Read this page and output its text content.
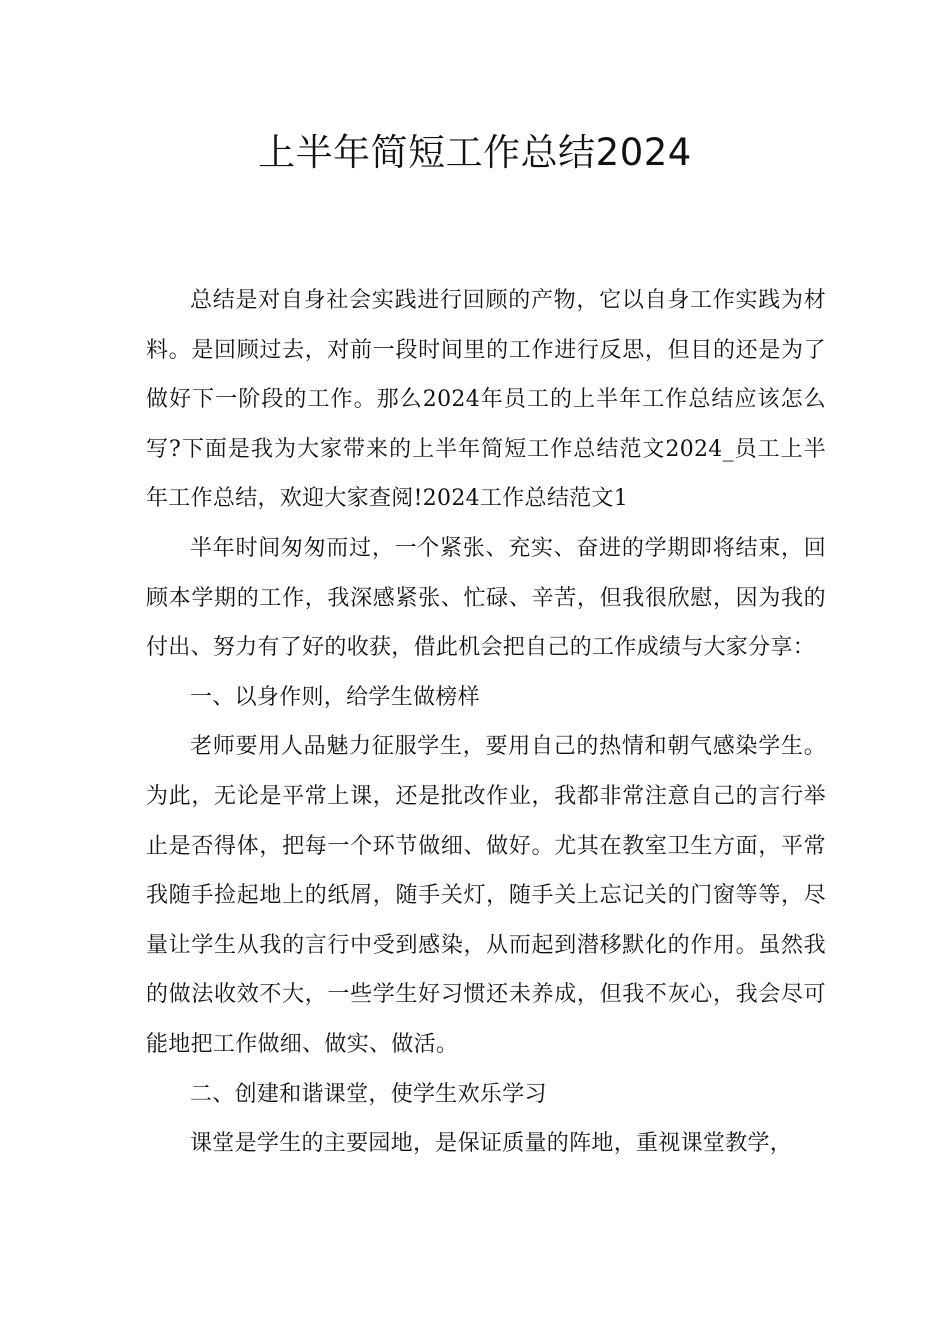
上半年简短工作总结2024

总结是对自身社会实践进行回顾的产物，它以自身工作实践为材料。是回顾过去，对前一段时间里的工作进行反思，但目的还是为了做好下一阶段的工作。那么2024年员工的上半年工作总结应该怎么写?下面是我为大家带来的上半年简短工作总结范文2024_员工上半年工作总结，欢迎大家查阅!2024工作总结范文1

半年时间匆匆而过，一个紧张、充实、奋进的学期即将结束，回顾本学期的工作，我深感紧张、忙碌、辛苦，但我很欣慰，因为我的付出、努力有了好的收获，借此机会把自己的工作成绩与大家分享：

一、以身作则，给学生做榜样

老师要用人品魅力征服学生，要用自己的热情和朝气感染学生。为此，无论是平常上课，还是批改作业，我都非常注意自己的言行举止是否得体，把每一个环节做细、做好。尤其在教室卫生方面，平常我随手捡起地上的纸屑，随手关灯，随手关上忘记关的门窗等等，尽量让学生从我的言行中受到感染，从而起到潜移默化的作用。虽然我的做法收效不大，一些学生好习惯还未养成，但我不灰心，我会尽可能地把工作做细、做实、做活。

二、创建和谐课堂，使学生欢乐学习

课堂是学生的主要园地，是保证质量的阵地，重视课堂教学，
